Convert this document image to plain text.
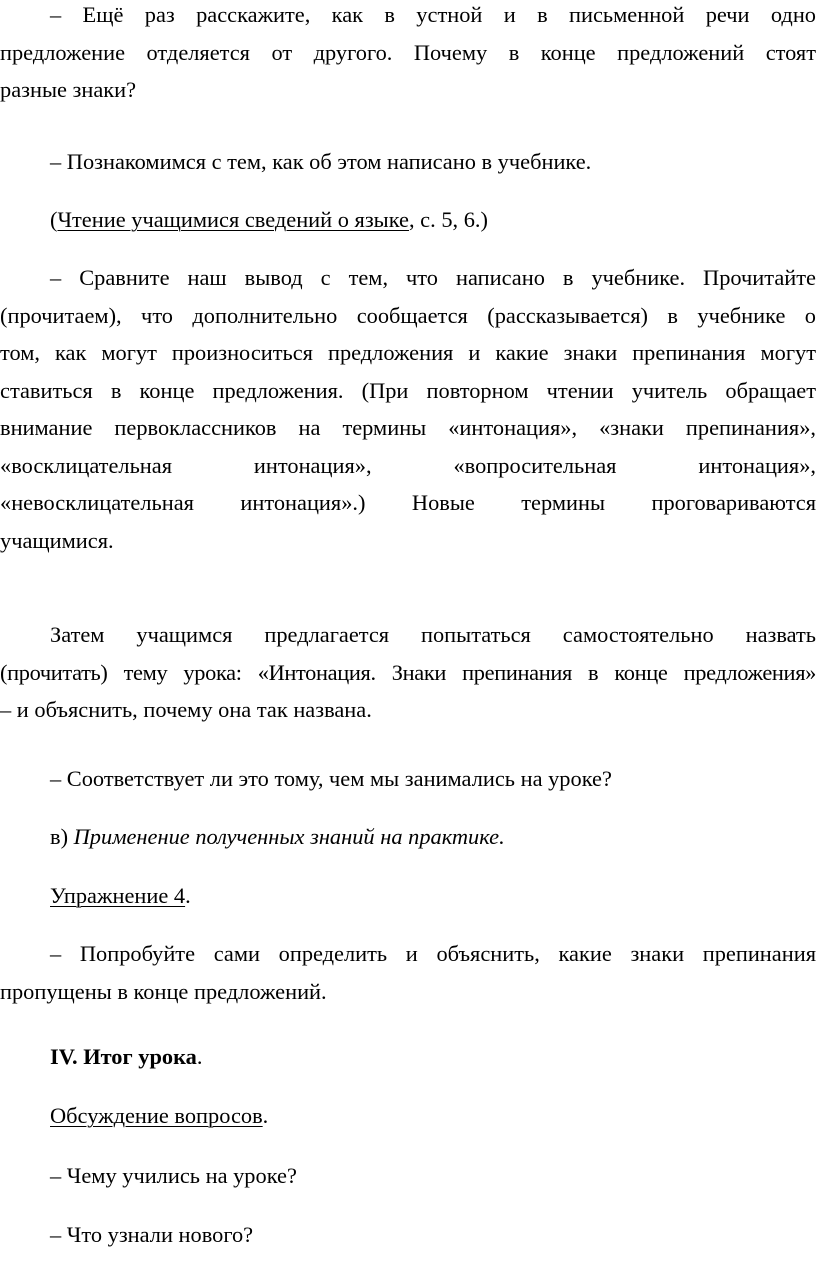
– Ещё раз расскажите, как в устной и в письменной речи одно
предложение отделяется от другого. Почему в конце предложений стоят
разные знаки?
– Познакомимся с тем, как об этом написано в учебнике.
(Чтение учащимися сведений о языке, с. 5, 6.)
– Сравните наш вывод с тем, что написано в учебнике. Прочитайте
(прочитаем), что дополнительно сообщается (рассказывается) в учебнике о
том, как могут произноситься предложения и какие знаки препинания могут
ставиться в конце предложения. (При повторном чтении учитель обращает
внимание первоклассников на термины «интонация», «знаки препинания»,
«восклицательная интонация», «вопросительная интонация»,
«невосклицательная интонация».) Новые термины проговариваются
учащимися.
Затем учащимся предлагается попытаться самостоятельно назвать
(прочитать) тему урока: «Интонация. Знаки препинания в конце предложения»
– и объяснить, почему она так названа.
– Соответствует ли это тому, чем мы занимались на уроке?
в) Применение полученных знаний на практике.
Упражнение 4.
– Попробуйте сами определить и объяснить, какие знаки препинания
пропущены в конце предложений.
IV. Итог урока.
Обсуждение вопросов.
– Чему учились на уроке?
– Что узнали нового?
